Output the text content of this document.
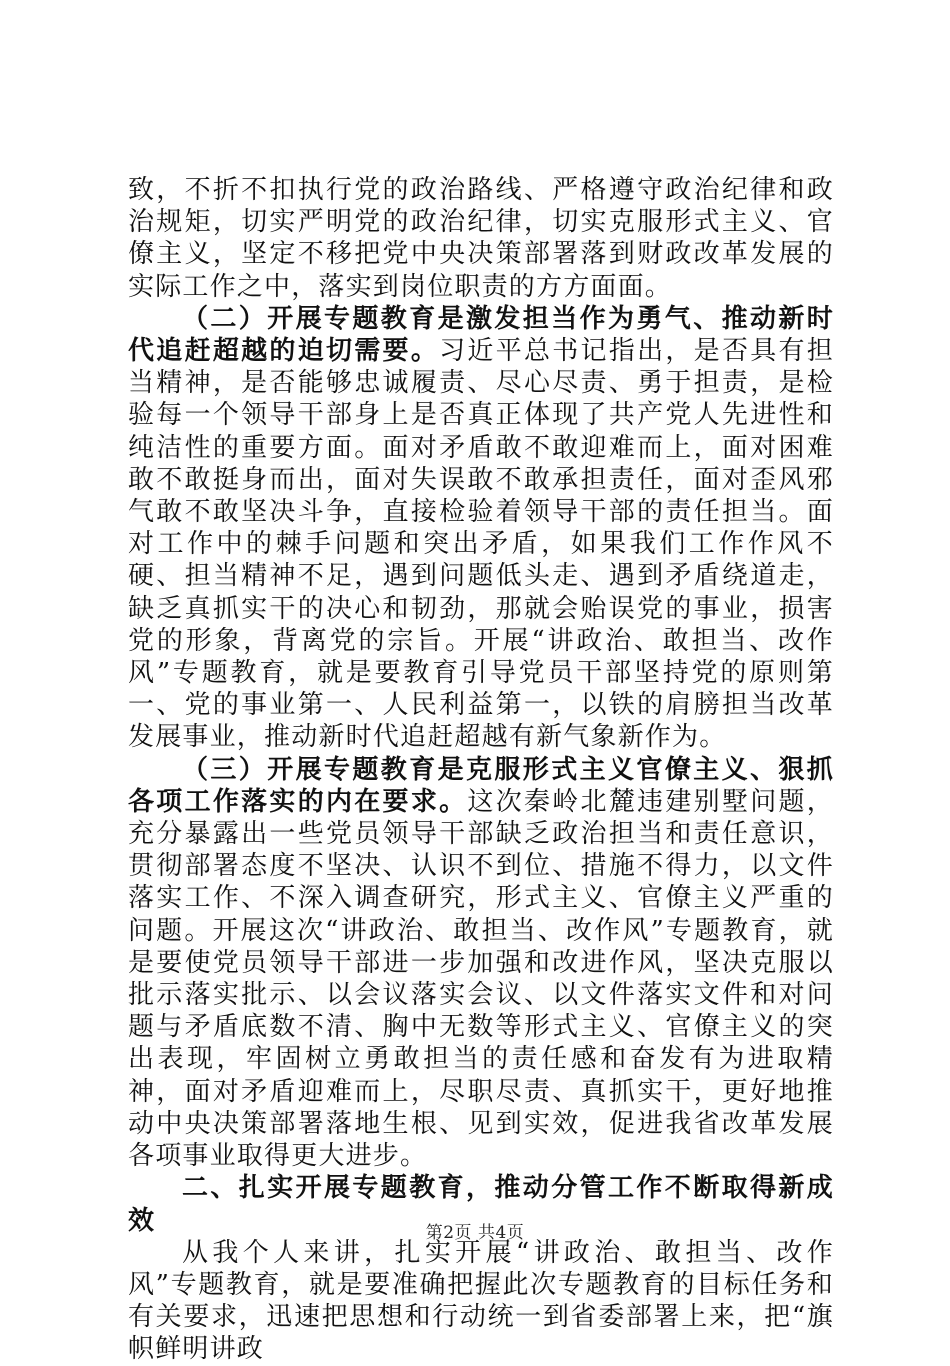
致，不折不扣执行党的政治路线、严格遵守政治纪律和政治规矩，切实严明党的政治纪律，切实克服形式主义、官僚主义，坚定不移把党中央决策部署落到财政改革发展的实际工作之中，落实到岗位职责的方方面面。

（二）开展专题教育是激发担当作为勇气、推动新时代追赶超越的迫切需要。习近平总书记指出，是否具有担当精神，是否能够忠诚履责、尽心尽责、勇于担责，是检验每一个领导干部身上是否真正体现了共产党人先进性和纯洁性的重要方面。面对矛盾敢不敢迎难而上，面对困难敢不敢挺身而出，面对失误敢不敢承担责任，面对歪风邪气敢不敢坚决斗争，直接检验着领导干部的责任担当。面对工作中的棘手问题和突出矛盾，如果我们工作作风不硬、担当精神不足，遇到问题低头走、遇到矛盾绕道走，缺乏真抓实干的决心和韧劲，那就会贻误党的事业，损害党的形象，背离党的宗旨。开展“讲政治、敢担当、改作风”专题教育，就是要教育引导党员干部坚持党的原则第一、党的事业第一、人民利益第一，以铁的肩膀担当改革发展事业，推动新时代追赶超越有新气象新作为。

（三）开展专题教育是克服形式主义官僚主义、狠抓各项工作落实的内在要求。这次秦岭北麓违建别墅问题，充分暴露出一些党员领导干部缺乏政治担当和责任意识，贯彻部署态度不坚决、认识不到位、措施不得力，以文件落实工作、不深入调查研究，形式主义、官僚主义严重的问题。开展这次“讲政治、敢担当、改作风”专题教育，就是要使党员领导干部进一步加强和改进作风，坚决克服以批示落实批示、以会议落实会议、以文件落实文件和对问题与矛盾底数不清、胸中无数等形式主义、官僚主义的突出表现，牢固树立勇敢担当的责任感和奋发有为进取精神，面对矛盾迎难而上，尽职尽责、真抓实干，更好地推动中央决策部署落地生根、见到实效，促进我省改革发展各项事业取得更大进步。

二、扎实开展专题教育，推动分管工作不断取得新成效

从我个人来讲，扎实开展“讲政治、敢担当、改作风”专题教育，就是要准确把握此次专题教育的目标任务和有关要求，迅速把思想和行动统一到省委部署上来，把“旗帜鲜明讲政

第2页 共4页
